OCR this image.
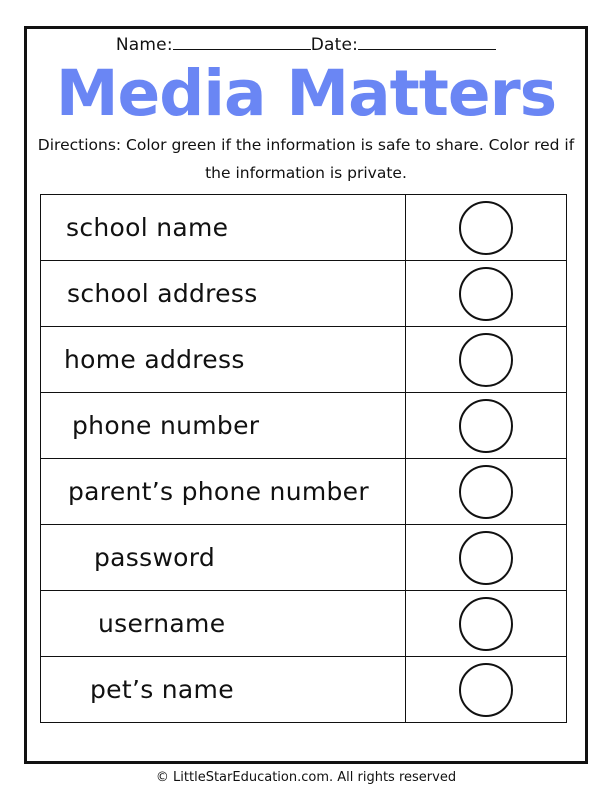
Name:	Date:
Media Matters
Directions: Color green if the information is safe to share. Color red if the information is private.
school name	
school address	
home address	
phone number	
parent’s phone number	
password	
username	
pet’s name	
© LittleStarEducation.com. All rights reserved
